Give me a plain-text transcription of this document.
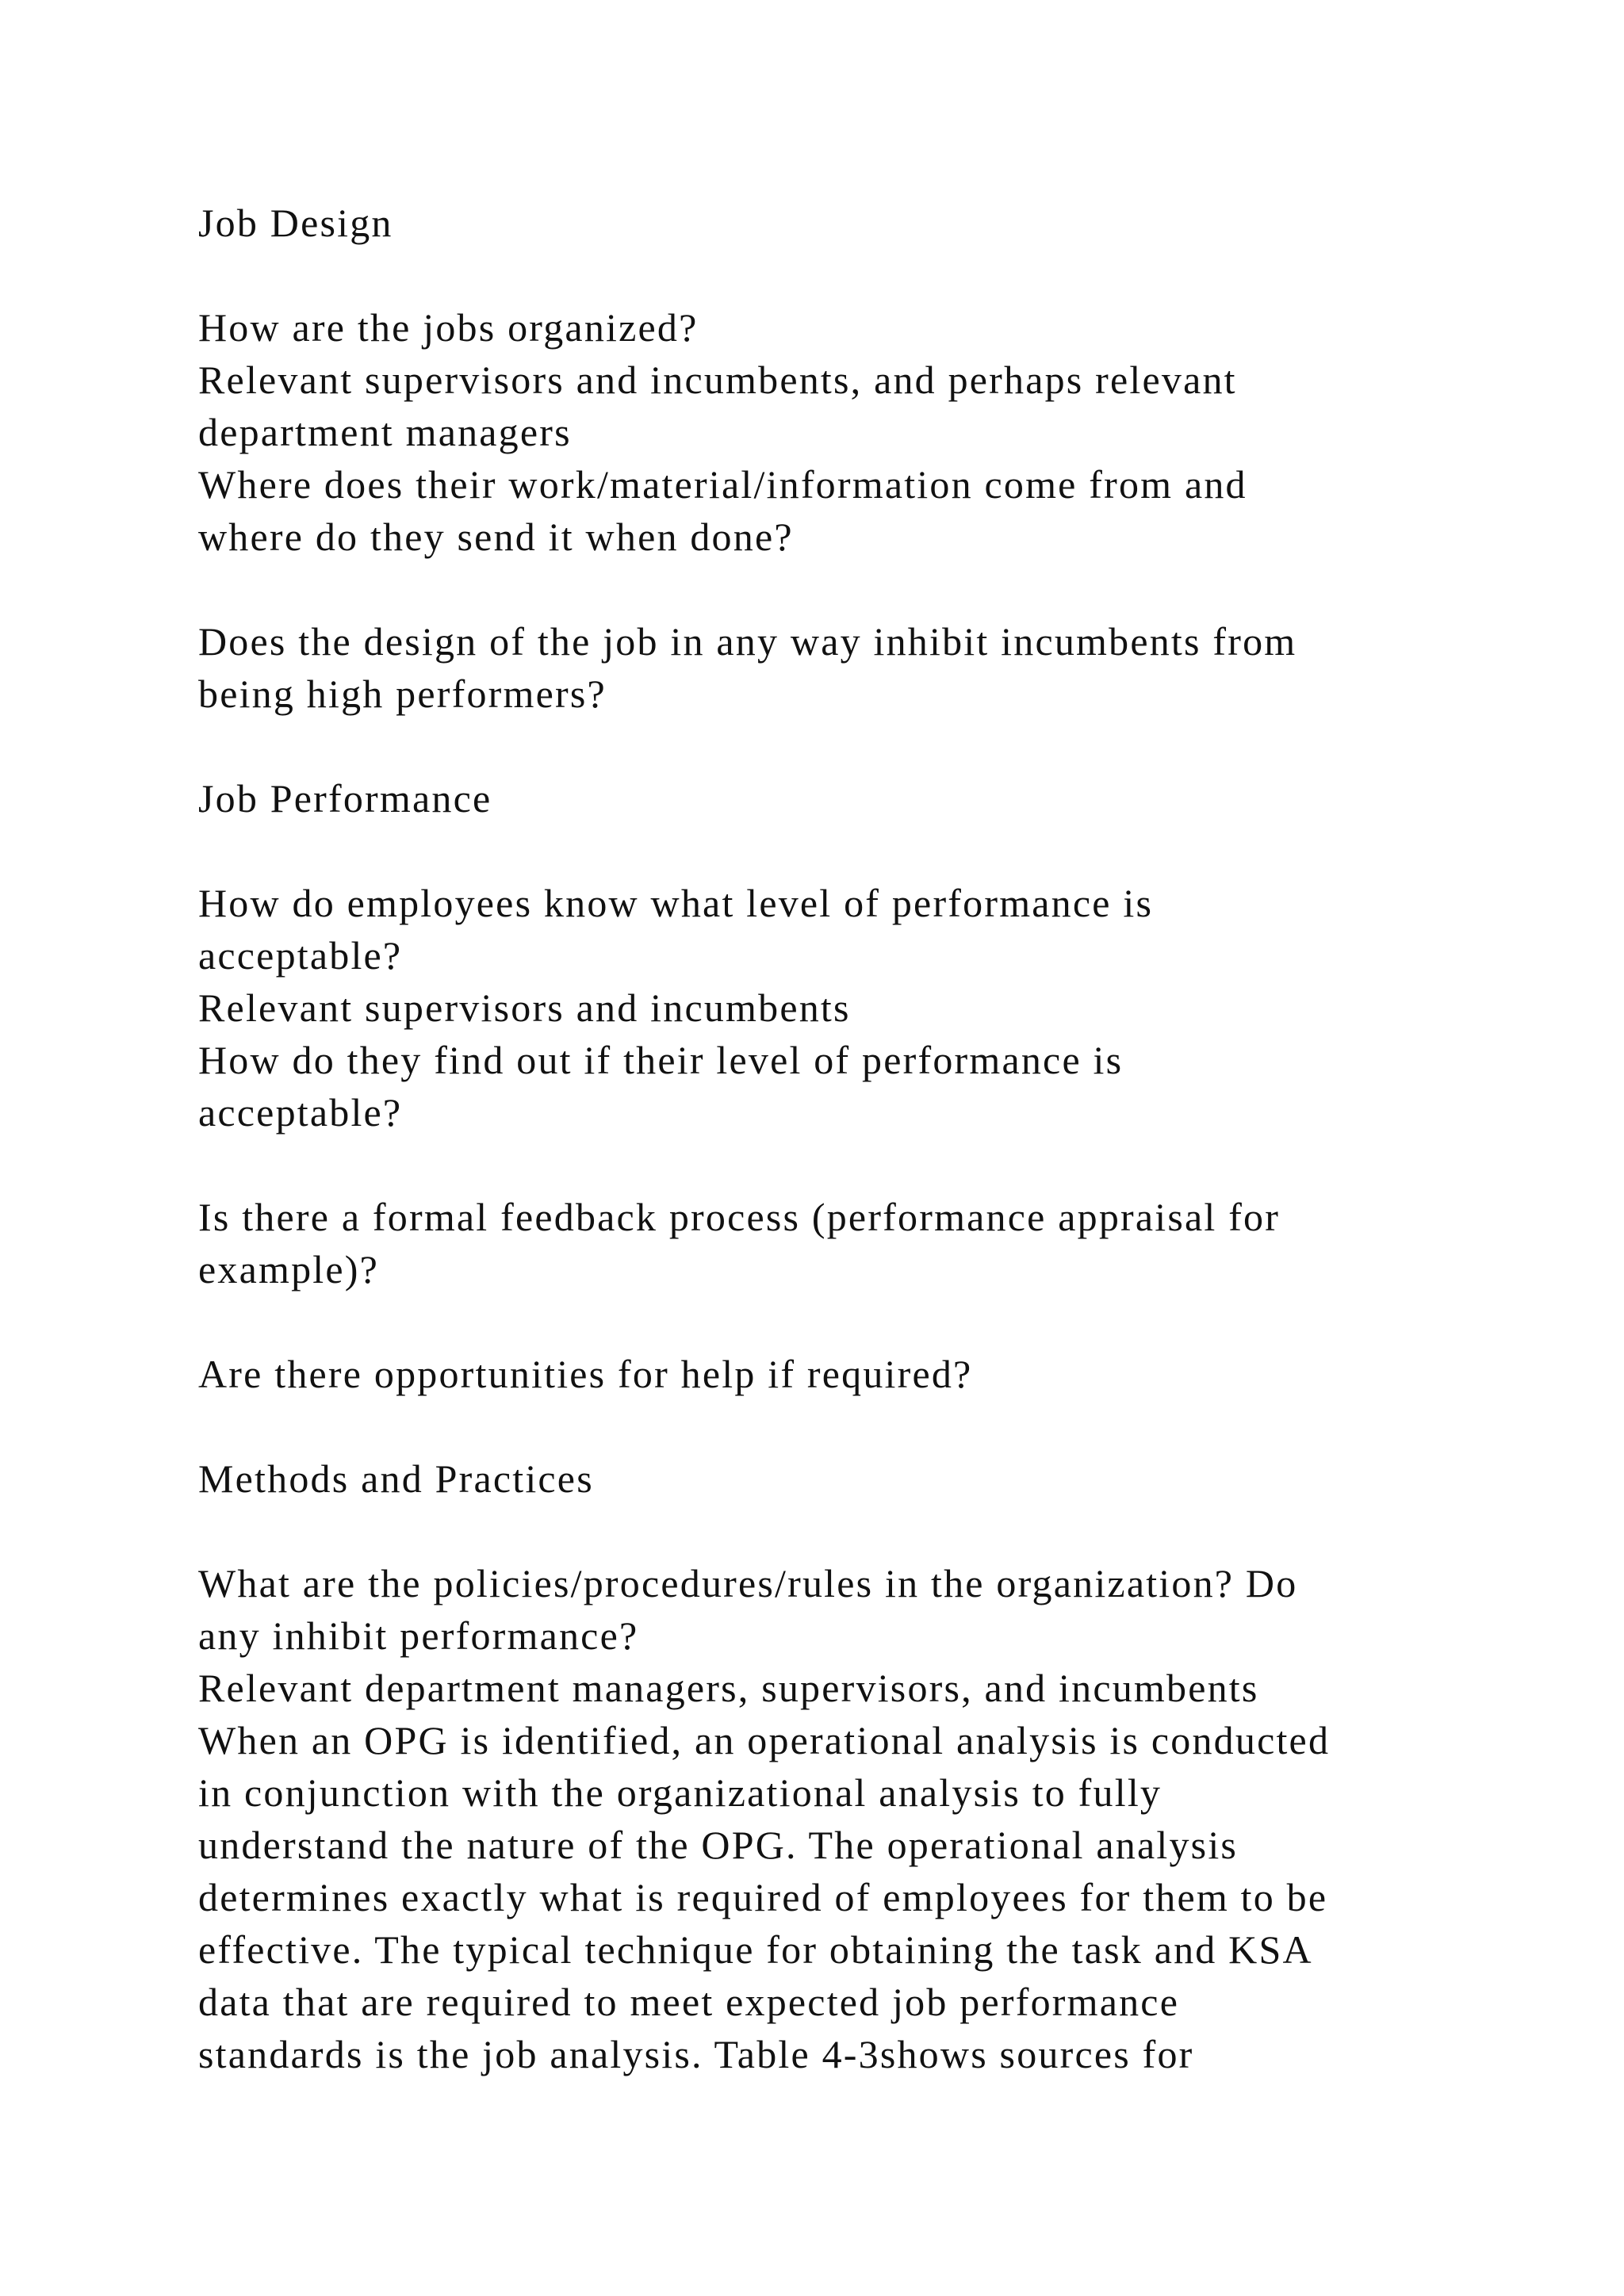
Job Design

How are the jobs organized?

Relevant supervisors and incumbents, and perhaps relevant

department managers

Where does their work/material/information come from and

where do they send it when done?

Does the design of the job in any way inhibit incumbents from

being high performers?

Job Performance

How do employees know what level of performance is

acceptable?

Relevant supervisors and incumbents

How do they find out if their level of performance is

acceptable?

Is there a formal feedback process (performance appraisal for

example)?

Are there opportunities for help if required?

Methods and Practices

What are the policies/procedures/rules in the organization? Do

any inhibit performance?

Relevant department managers, supervisors, and incumbents

When an OPG is identified, an operational analysis is conducted

in conjunction with the organizational analysis to fully

understand the nature of the OPG. The operational analysis

determines exactly what is required of employees for them to be

effective. The typical technique for obtaining the task and KSA

data that are required to meet expected job performance

standards is the job analysis. Table 4-3shows sources for
